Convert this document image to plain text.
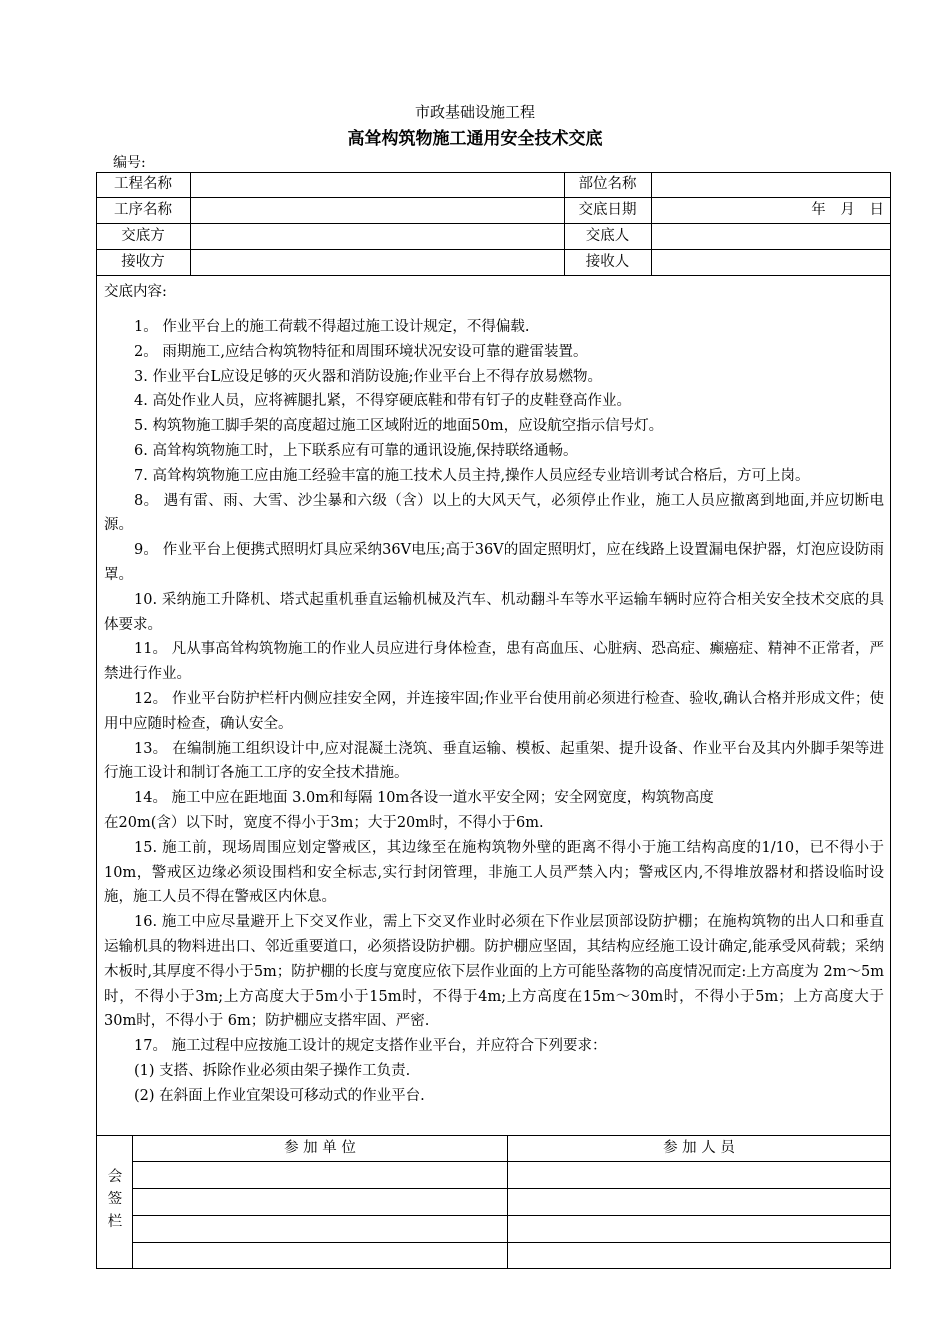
市政基础设施工程
高耸构筑物施工通用安全技术交底
编号:
工程名称	部位名称
工序名称	交底日期	年 月 日
交底方	交底人
接收方	接收人
交底内容:

1。 作业平台上的施工荷载不得超过施工设计规定，不得偏载.

2。 雨期施工,应结合构筑物特征和周围环境状况安设可靠的避雷装置。

3. 作业平台L应设足够的灭火器和消防设施;作业平台上不得存放易燃物。

4. 高处作业人员，应将裤腿扎紧，不得穿硬底鞋和带有钉子的皮鞋登高作业。

5. 构筑物施工脚手架的高度超过施工区域附近的地面50m，应设航空指示信号灯。

6. 高耸构筑物施工时，上下联系应有可靠的通讯设施,保持联络通畅。

7. 高耸构筑物施工应由施工经验丰富的施工技术人员主持,操作人员应经专业培训考试合格后，方可上岗。

8。 遇有雷、雨、大雪、沙尘暴和六级（含）以上的大风天气，必须停止作业，施工人员应撤离到地面,并应切断电源。

9。 作业平台上便携式照明灯具应采纳36V电压;高于36V的固定照明灯，应在线路上设置漏电保护器，灯泡应设防雨罩。

10. 采纳施工升降机、塔式起重机垂直运输机械及汽车、机动翻斗车等水平运输车辆时应符合相关安全技术交底的具体要求。

11。 凡从事高耸构筑物施工的作业人员应进行身体检查，患有高血压、心脏病、恐高症、癫癌症、精神不正常者，严禁进行作业。

12。 作业平台防护栏杆内侧应挂安全网，并连接牢固;作业平台使用前必须进行检查、验收,确认合格并形成文件；使用中应随时检查，确认安全。

13。 在编制施工组织设计中,应对混凝土浇筑、垂直运输、模板、起重架、提升设备、作业平台及其内外脚手架等进行施工设计和制订各施工工序的安全技术措施。

14。 施工中应在距地面 3.0m和每隔 10m各设一道水平安全网；安全网宽度，构筑物高度

在20m(含）以下时，宽度不得小于3m；大于20m时，不得小于6m.

15. 施工前，现场周围应划定警戒区，其边缘至在施构筑物外壁的距离不得小于施工结构高度的1/10，已不得小于10m，警戒区边缘必须设围档和安全标志,实行封闭管理，非施工人员严禁入内；警戒区内,不得堆放器材和搭设临时设施，施工人员不得在警戒区内休息。

16. 施工中应尽量避开上下交叉作业，需上下交叉作业时必须在下作业层顶部设防护棚；在施构筑物的出人口和垂直运输机具的物料进出口、邻近重要道口，必须搭设防护棚。防护棚应坚固，其结构应经施工设计确定,能承受风荷载；采纳木板时,其厚度不得小于5m；防护棚的长度与宽度应依下层作业面的上方可能坠落物的高度情况而定:上方高度为 2m～5m时，不得小于3m;上方高度大于5m小于15m时，不得于4m;上方高度在15m～30m时，不得小于5m；上方高度大于 30m时，不得小于 6m；防护棚应支搭牢固、严密.

17。 施工过程中应按施工设计的规定支搭作业平台，并应符合下列要求：

(1) 支搭、拆除作业必须由架子操作工负责.

(2) 在斜面上作业宜架设可移动式的作业平台.

会签栏
参 加 单 位	参 加 人 员
